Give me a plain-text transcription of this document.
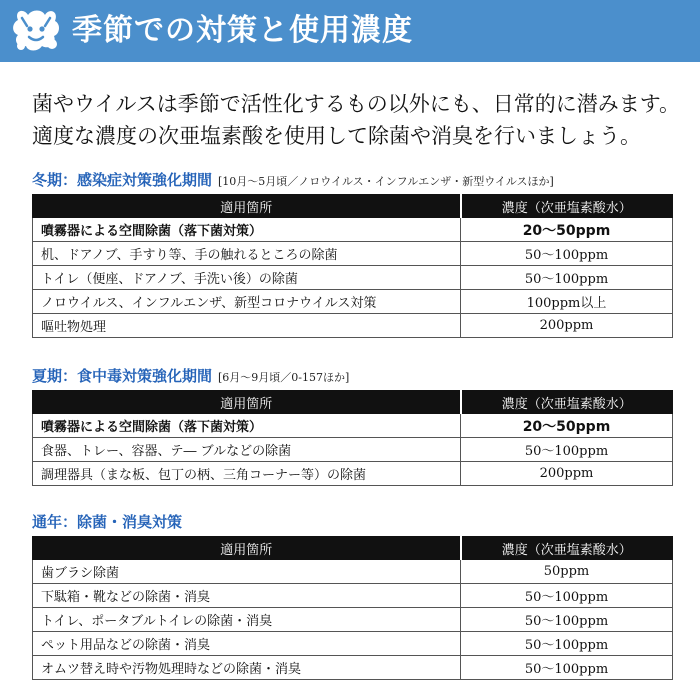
季節での対策と使用濃度
菌やウイルスは季節で活性化するもの以外にも、日常的に潜みます。
適度な濃度の次亜塩素酸を使用して除菌や消臭を行いましょう。
冬期：感染症対策強化期間 [10月～5月頃／ノロウイルス・インフルエンザ・新型ウイルスほか]
適用箇所	濃度（次亜塩素酸水）
噴霧器による空間除菌（落下菌対策）	20～50ppm
机、ドアノブ、手すり等、手の触れるところの除菌	50～100ppm
トイレ（便座、ドアノブ、手洗い後）の除菌	50～100ppm
ノロウイルス、インフルエンザ、新型コロナウイルス対策	100ppm以上
嘔吐物処理	200ppm
夏期：食中毒対策強化期間 [6月～9月頃／0-157ほか]
適用箇所	濃度（次亜塩素酸水）
噴霧器による空間除菌（落下菌対策）	20～50ppm
食器、トレー、容器、テ― ブルなどの除菌	50～100ppm
調理器具（まな板、包丁の柄、三角コーナー等）の除菌	200ppm
通年：除菌・消臭対策
適用箇所	濃度（次亜塩素酸水）
歯ブラシ除菌	50ppm
下駄箱・靴などの除菌・消臭	50～100ppm
トイレ、ポータブルトイレの除菌・消臭	50～100ppm
ペット用品などの除菌・消臭	50～100ppm
オムツ替え時や汚物処理時などの除菌・消臭	50～100ppm
